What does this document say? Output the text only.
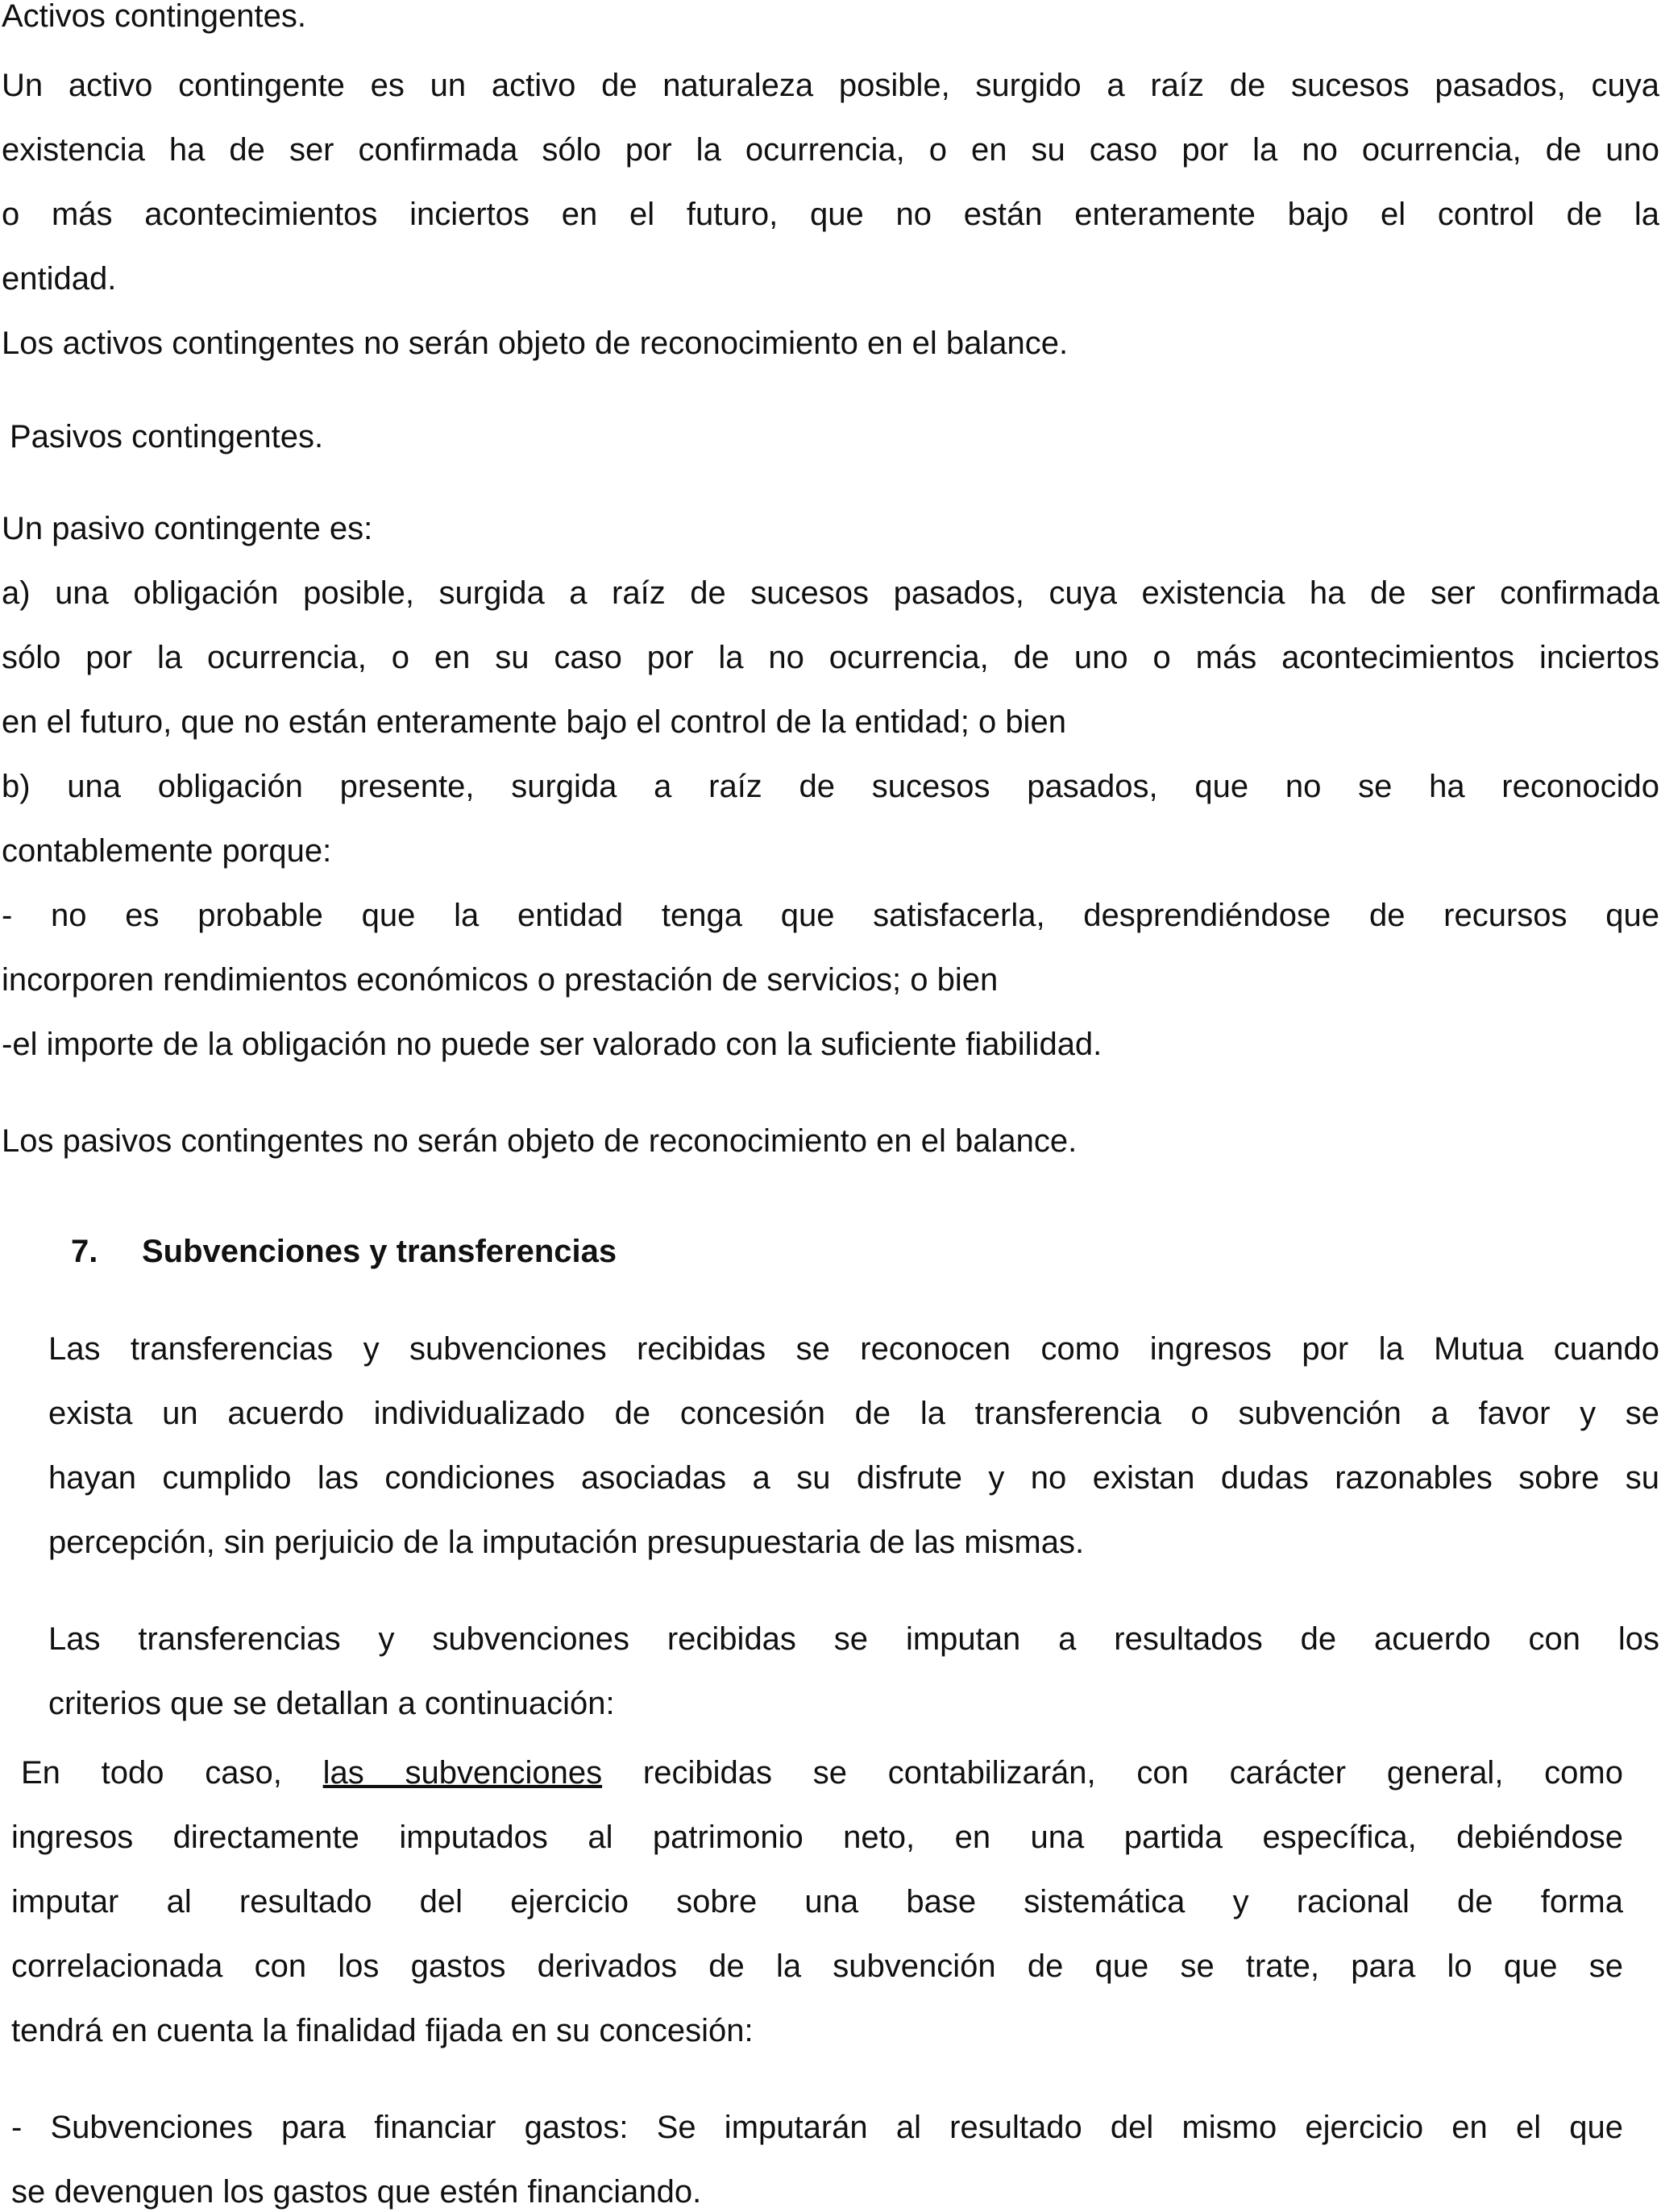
Activos contingentes.
Un activo contingente es un activo de naturaleza posible, surgido a raíz de sucesos pasados, cuya
existencia ha de ser confirmada sólo por la ocurrencia, o en su caso por la no ocurrencia, de uno
o más acontecimientos inciertos en el futuro, que no están enteramente bajo el control de la
entidad.
Los activos contingentes no serán objeto de reconocimiento en el balance.
Pasivos contingentes.
Un pasivo contingente es:
a) una obligación posible, surgida a raíz de sucesos pasados, cuya existencia ha de ser confirmada
sólo por la ocurrencia, o en su caso por la no ocurrencia, de uno o más acontecimientos inciertos
en el futuro, que no están enteramente bajo el control de la entidad; o bien
b) una obligación presente, surgida a raíz de sucesos pasados, que no se ha reconocido
contablemente porque:
- no es probable que la entidad tenga que satisfacerla, desprendiéndose de recursos que
incorporen rendimientos económicos o prestación de servicios; o bien
-el importe de la obligación no puede ser valorado con la suficiente fiabilidad.
Los pasivos contingentes no serán objeto de reconocimiento en el balance.
7. Subvenciones y transferencias
Las transferencias y subvenciones recibidas se reconocen como ingresos por la Mutua cuando
exista un acuerdo individualizado de concesión de la transferencia o subvención a favor y se
hayan cumplido las condiciones asociadas a su disfrute y no existan dudas razonables sobre su
percepción, sin perjuicio de la imputación presupuestaria de las mismas.
Las transferencias y subvenciones recibidas se imputan a resultados de acuerdo con los
criterios que se detallan a continuación:
En todo caso, las subvenciones recibidas se contabilizarán, con carácter general, como
ingresos directamente imputados al patrimonio neto, en una partida específica, debiéndose
imputar al resultado del ejercicio sobre una base sistemática y racional de forma
correlacionada con los gastos derivados de la subvención de que se trate, para lo que se
tendrá en cuenta la finalidad fijada en su concesión:
- Subvenciones para financiar gastos: Se imputarán al resultado del mismo ejercicio en el que
se devenguen los gastos que estén financiando.
